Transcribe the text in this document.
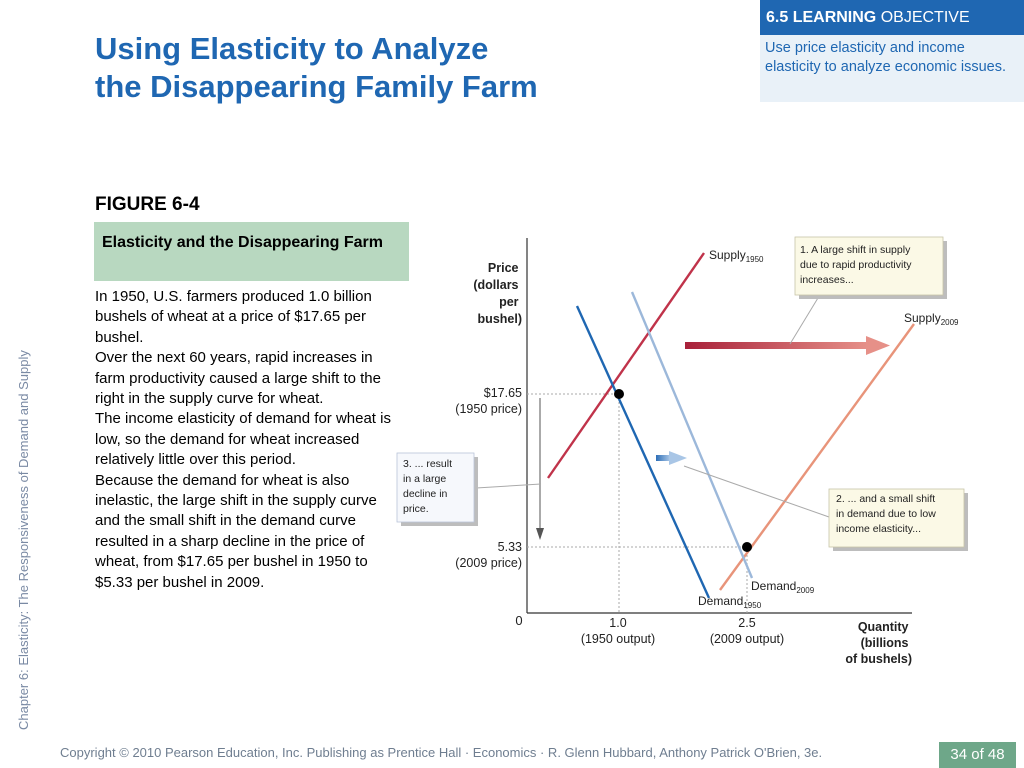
Using Elasticity to Analyze
the Disappearing Family Farm
6.5 LEARNING OBJECTIVE
Use price elasticity and income elasticity to analyze economic issues.
Chapter 6: Elasticity: The Responsiveness of Demand and Supply
FIGURE 6-4
Elasticity and the Disappearing Farm

In 1950, U.S. farmers produced 1.0 billion bushels of wheat at a price of $17.65 per bushel.

Over the next 60 years, rapid increases in farm productivity caused a large shift to the right in the supply curve for wheat.

The income elasticity of demand for wheat is low, so the demand for wheat increased relatively little over this period.

Because the demand for wheat is also inelastic, the large shift in the supply curve and the small shift in the demand curve resulted in a sharp decline in the price of wheat, from $17.65 per bushel in 1950 to $5.33 per bushel in 2009.

Price (dollars per bushel)
Quantity (billions of bushels)
0
Supply$_{1950}$
Supply$_{2009}$
Demand$_{1950}$
Demand$_{2009}$
$17.65
(1950 price)
5.33
(2009 price)
1.0
(1950 output)
2.5
(2009 output)
1. A large shift in supply due to rapid productivity increases...
2. ... and a small shift in demand due to low income elasticity...
3. ... result in a large decline in price.
Copyright © 2010 Pearson Education, Inc. Publishing as Prentice Hall · Economics · R. Glenn Hubbard, Anthony Patrick O'Brien, 3e.	34 of 48
